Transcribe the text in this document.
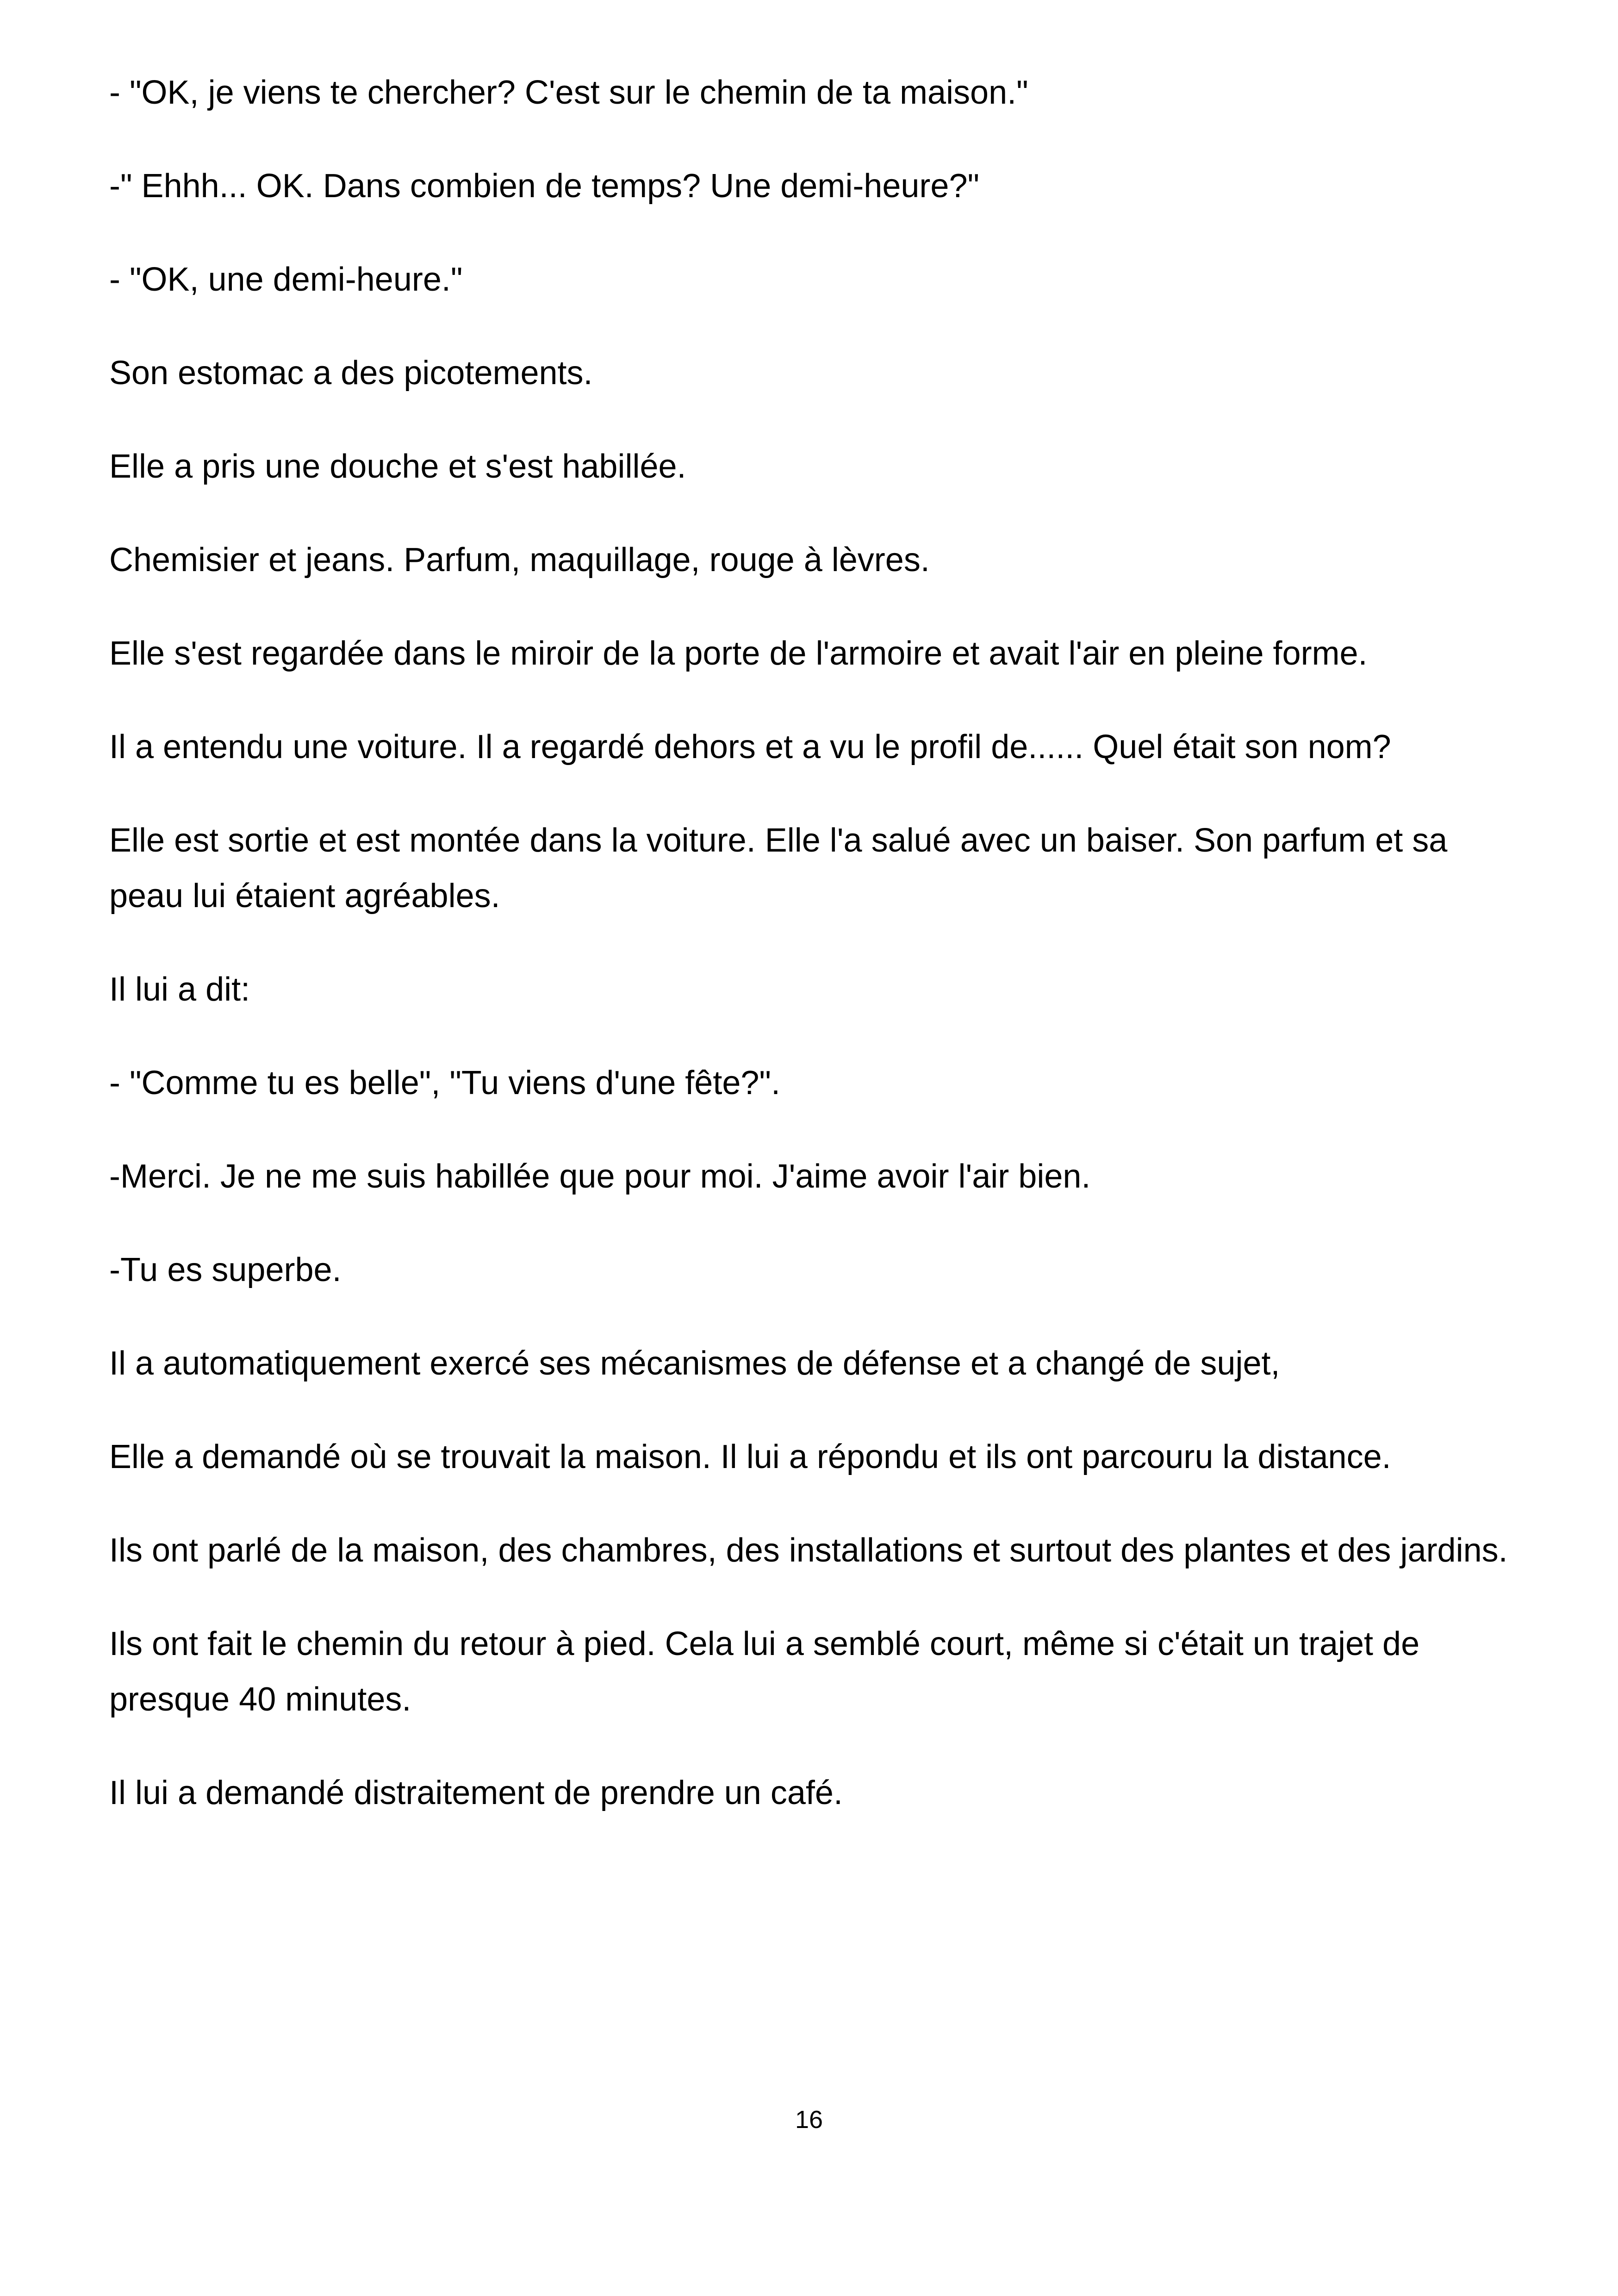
- "OK, je viens te chercher? C'est sur le chemin de ta maison."

-" Ehhh... OK. Dans combien de temps? Une demi-heure?"

- "OK, une demi-heure."

Son estomac a des picotements.

Elle a pris une douche et s'est habillée.

Chemisier et jeans. Parfum, maquillage, rouge à lèvres.

Elle s'est regardée dans le miroir de la porte de l'armoire et avait l'air en pleine forme.

Il a entendu une voiture. Il a regardé dehors et a vu le profil de...... Quel était son nom?

Elle est sortie et est montée dans la voiture. Elle l'a salué avec un baiser. Son parfum et sa peau lui étaient agréables.

Il lui a dit:

- "Comme tu es belle", "Tu viens d'une fête?".

-Merci. Je ne me suis habillée que pour moi. J'aime avoir l'air bien.

-Tu es superbe.

Il a automatiquement exercé ses mécanismes de défense et a changé de sujet,

Elle a demandé où se trouvait la maison. Il lui a répondu et ils ont parcouru la distance.

Ils ont parlé de la maison, des chambres, des installations et surtout des plantes et des jardins.

Ils ont fait le chemin du retour à pied. Cela lui a semblé court, même si c'était un trajet de presque 40 minutes.

Il lui a demandé distraitement de prendre un café.

16
